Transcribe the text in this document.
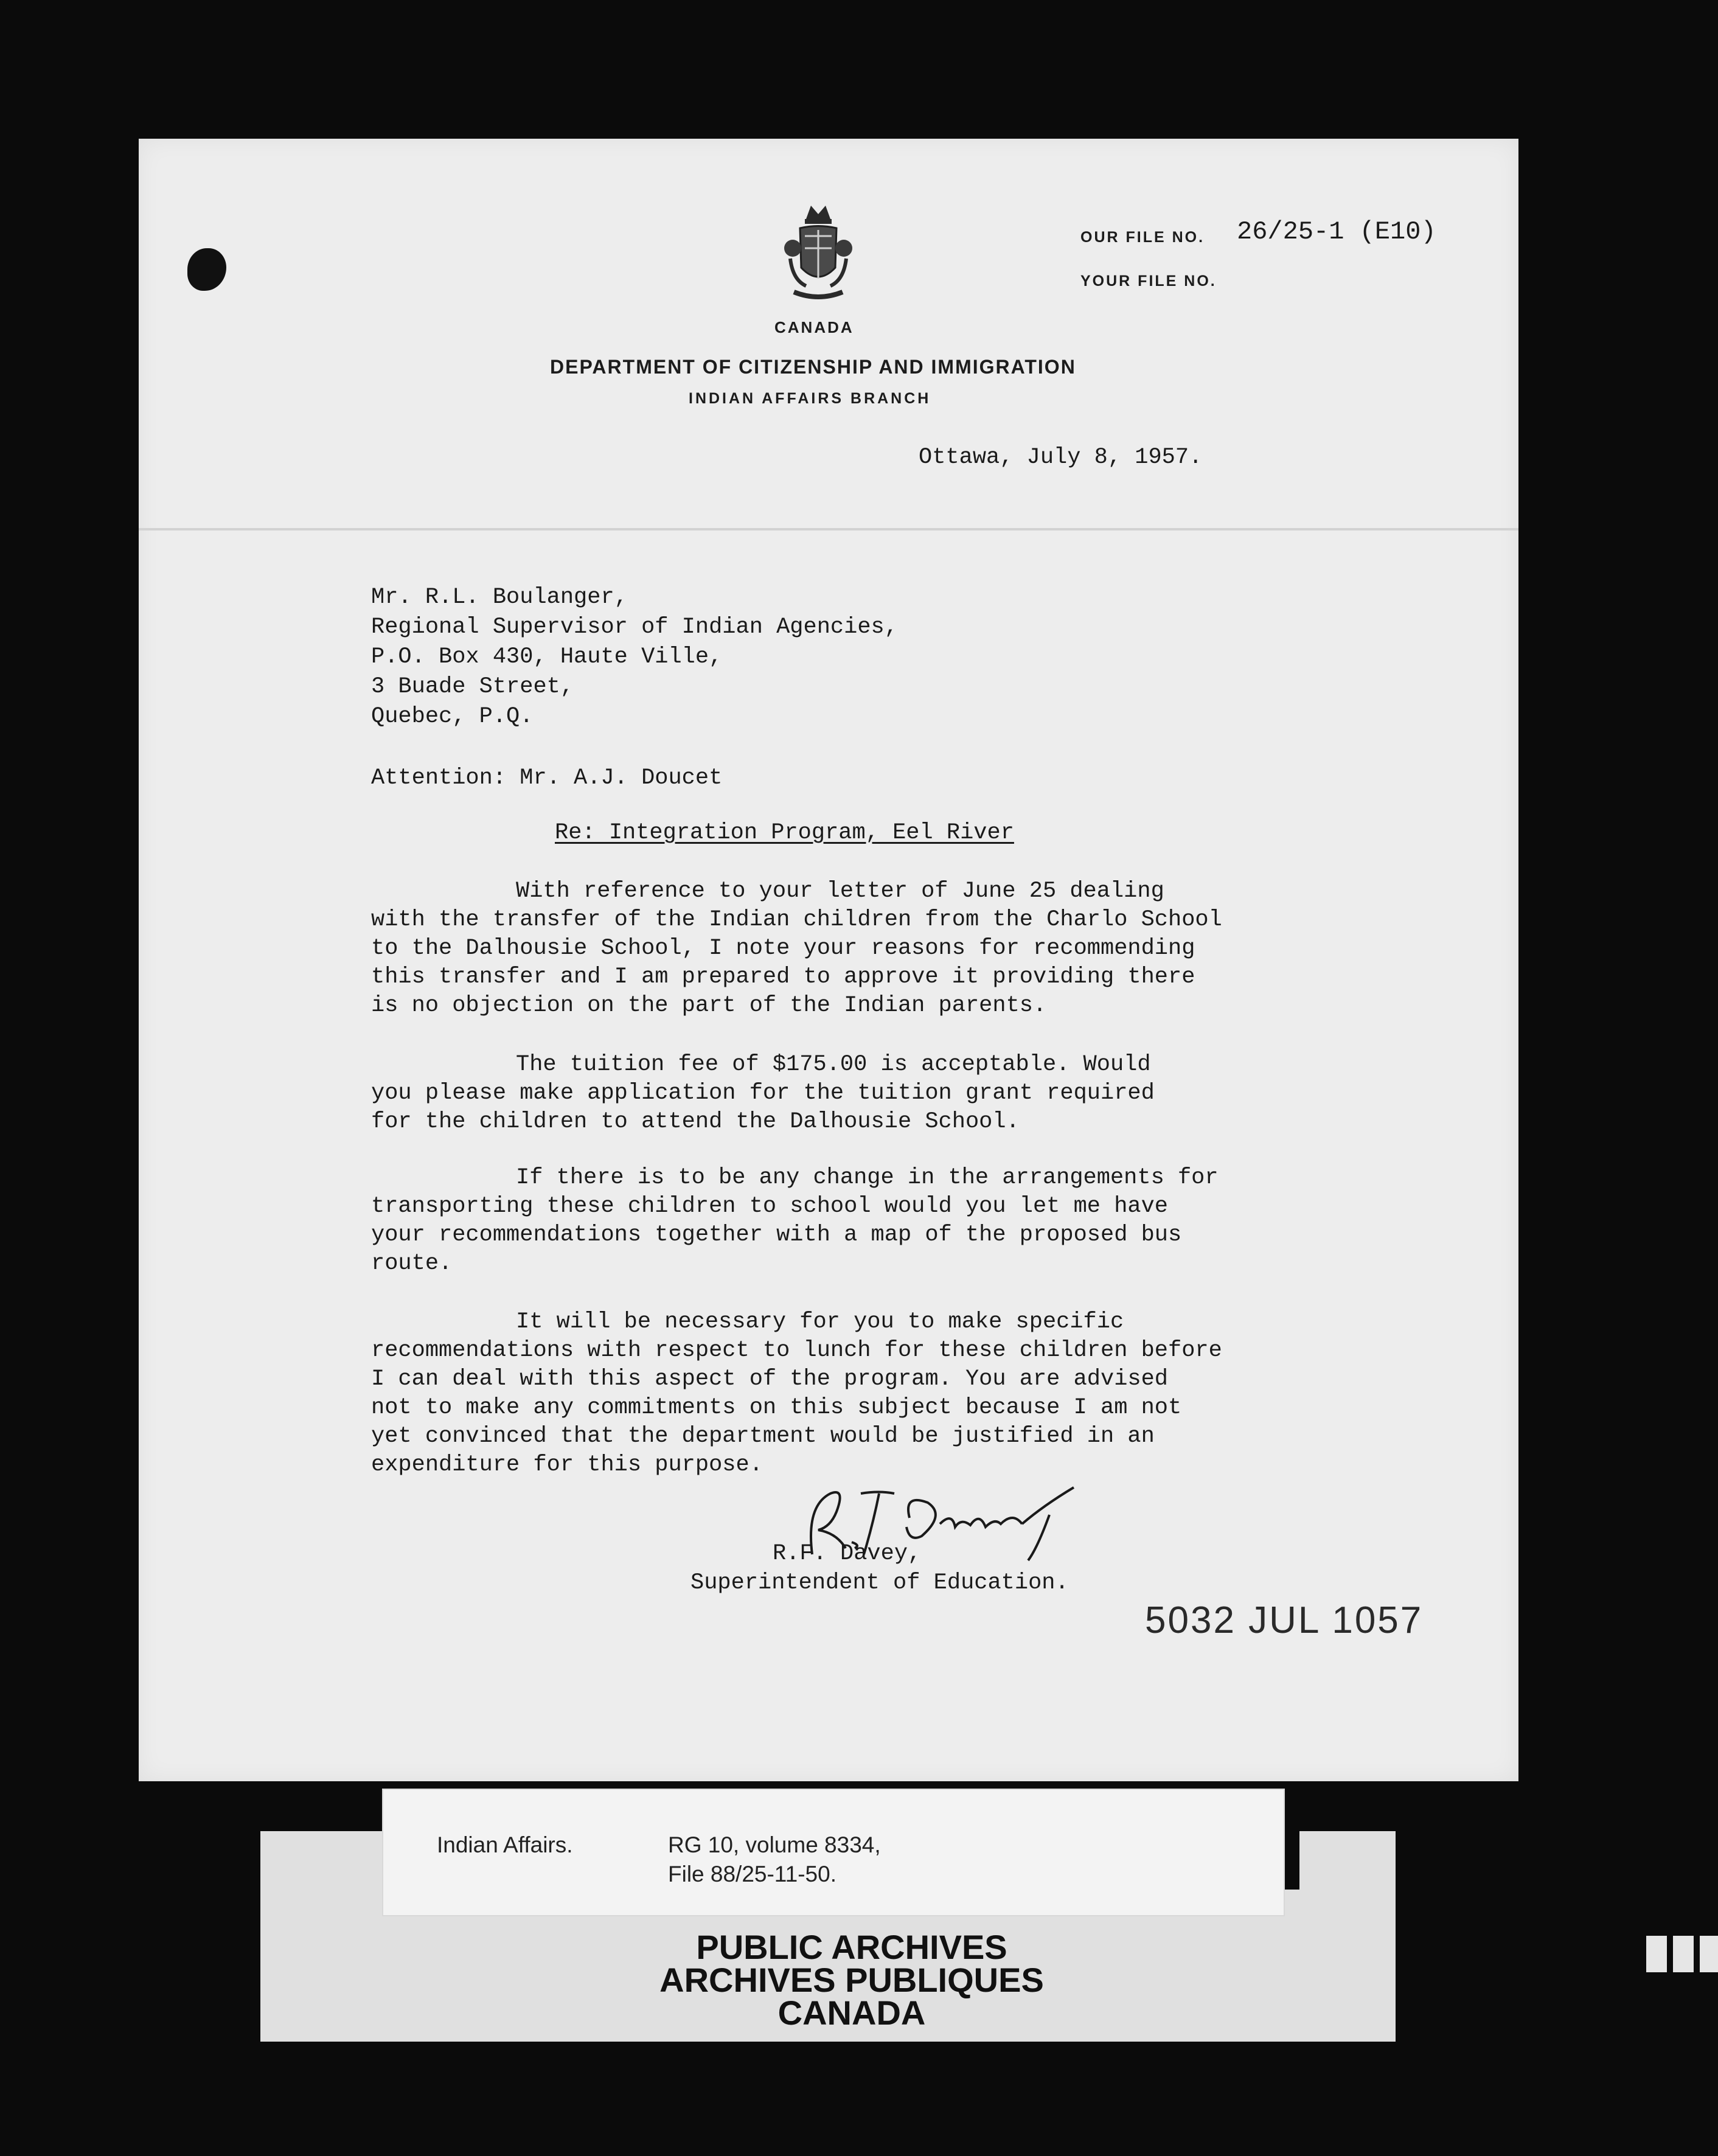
CANADA
DEPARTMENT OF CITIZENSHIP AND IMMIGRATION
INDIAN AFFAIRS BRANCH
OUR FILE NO. 26/25-1 (E10)
YOUR FILE NO.
Ottawa, July 8, 1957.
Mr. R.L. Boulanger,
Regional Supervisor of Indian Agencies,
P.O. Box 430, Haute Ville,
3 Buade Street,
Quebec, P.Q.
Attention: Mr. A.J. Doucet
Re: Integration Program, Eel River
With reference to your letter of June 25 dealing
with the transfer of the Indian children from the Charlo School
to the Dalhousie School, I note your reasons for recommending
this transfer and I am prepared to approve it providing there
is no objection on the part of the Indian parents.
The tuition fee of $175.00 is acceptable. Would
you please make application for the tuition grant required
for the children to attend the Dalhousie School.
If there is to be any change in the arrangements for
transporting these children to school would you let me have
your recommendations together with a map of the proposed bus
route.
It will be necessary for you to make specific
recommendations with respect to lunch for these children before
I can deal with this aspect of the program. You are advised
not to make any commitments on this subject because I am not
yet convinced that the department would be justified in an
expenditure for this purpose.
R.F. Davey,
Superintendent of Education.
5032 JUL 1057
Indian Affairs.	RG 10, volume 8334,
File 88/25-11-50.
PUBLIC ARCHIVES
ARCHIVES PUBLIQUES
CANADA
